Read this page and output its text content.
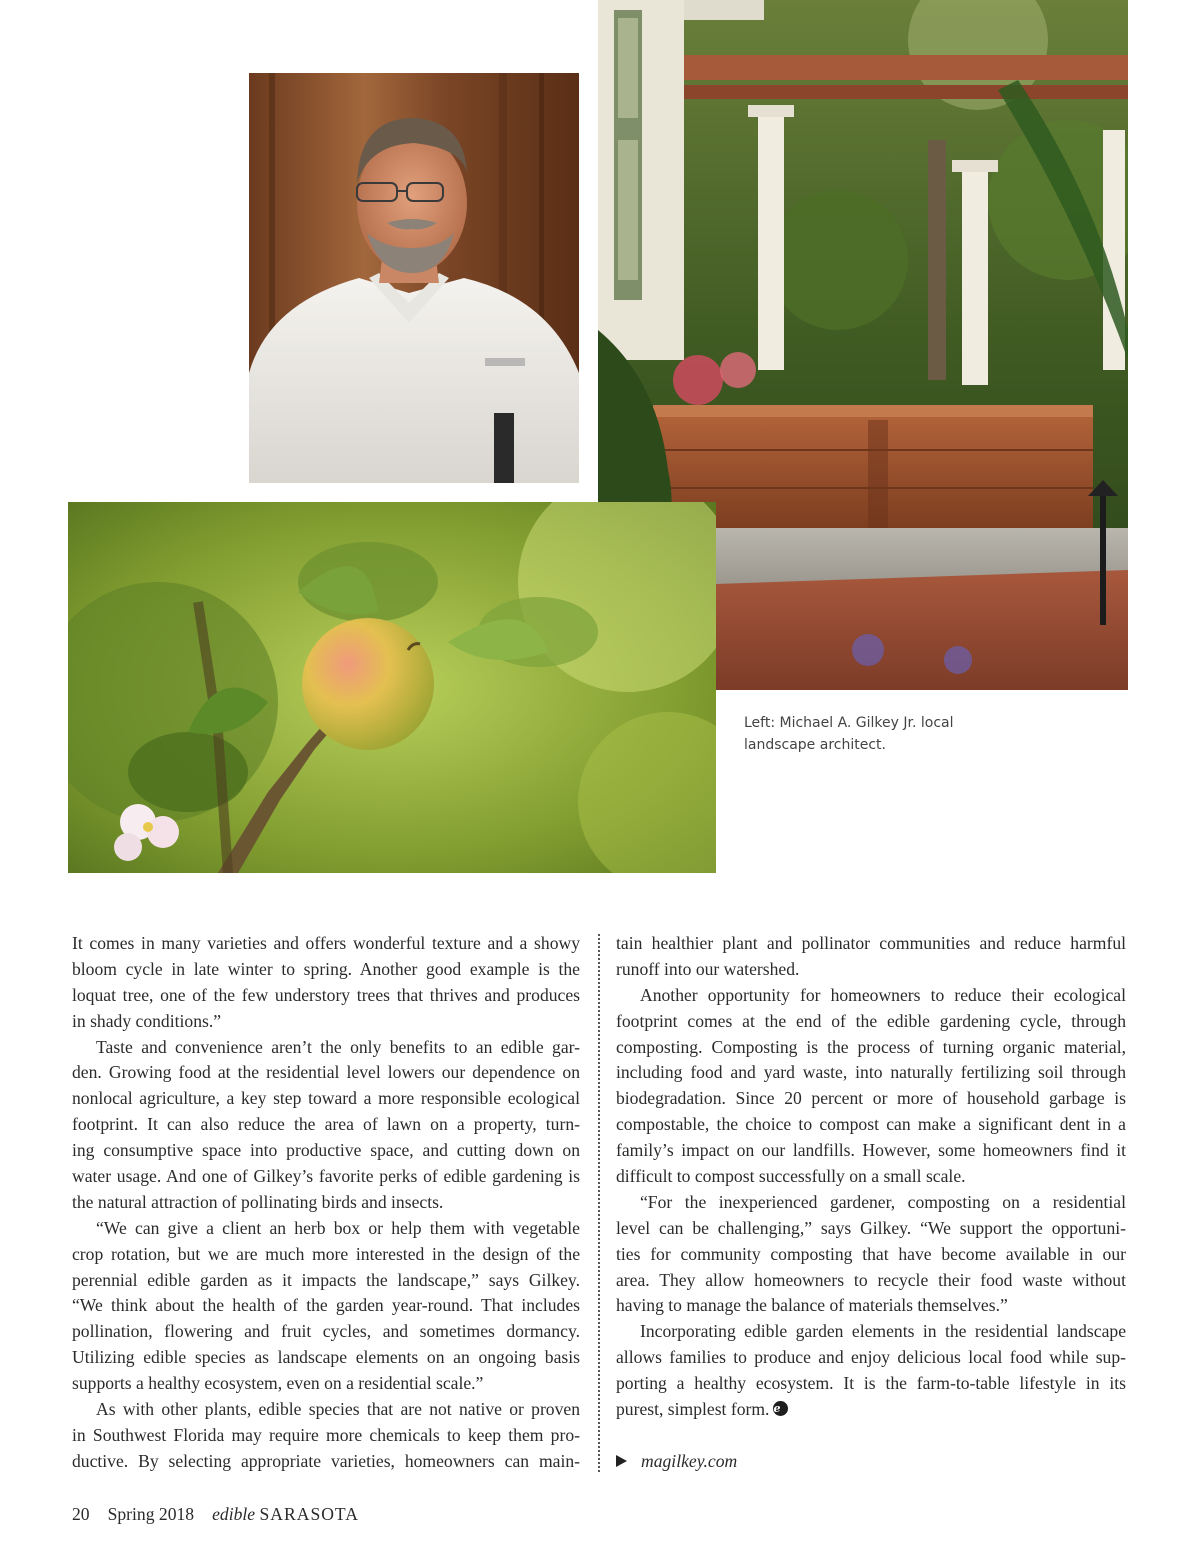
Left: Michael A. Gilkey Jr. local
landscape architect.
It comes in many varieties and offers wonderful texture and a showy
bloom cycle in late winter to spring. Another good example is the
loquat tree, one of the few understory trees that thrives and produces
in shady conditions.”
Taste and convenience aren’t the only benefits to an edible gar-
den. Growing food at the residential level lowers our dependence on
nonlocal agriculture, a key step toward a more responsible ecological
footprint. It can also reduce the area of lawn on a property, turn-
ing consumptive space into productive space, and cutting down on
water usage. And one of Gilkey’s favorite perks of edible gardening is
the natural attraction of pollinating birds and insects.
“We can give a client an herb box or help them with vegetable
crop rotation, but we are much more interested in the design of the
perennial edible garden as it impacts the landscape,” says Gilkey.
“We think about the health of the garden year-round. That includes
pollination, flowering and fruit cycles, and sometimes dormancy.
Utilizing edible species as landscape elements on an ongoing basis
supports a healthy ecosystem, even on a residential scale.”
As with other plants, edible species that are not native or proven
in Southwest Florida may require more chemicals to keep them pro-
ductive. By selecting appropriate varieties, homeowners can main-
tain healthier plant and pollinator communities and reduce harmful
runoff into our watershed.
Another opportunity for homeowners to reduce their ecological
footprint comes at the end of the edible gardening cycle, through
composting. Composting is the process of turning organic material,
including food and yard waste, into naturally fertilizing soil through
biodegradation. Since 20 percent or more of household garbage is
compostable, the choice to compost can make a significant dent in a
family’s impact on our landfills. However, some homeowners find it
difficult to compost successfully on a small scale.
“For the inexperienced gardener, composting on a residential
level can be challenging,” says Gilkey. “We support the opportuni-
ties for community composting that have become available in our
area. They allow homeowners to recycle their food waste without
having to manage the balance of materials themselves.”
Incorporating edible garden elements in the residential landscape
allows families to produce and enjoy delicious local food while sup-
porting a healthy ecosystem. It is the farm-to-table lifestyle in its
purest, simplest form. e
magilkey.com
20 Spring 2018 edible SARASOTA
